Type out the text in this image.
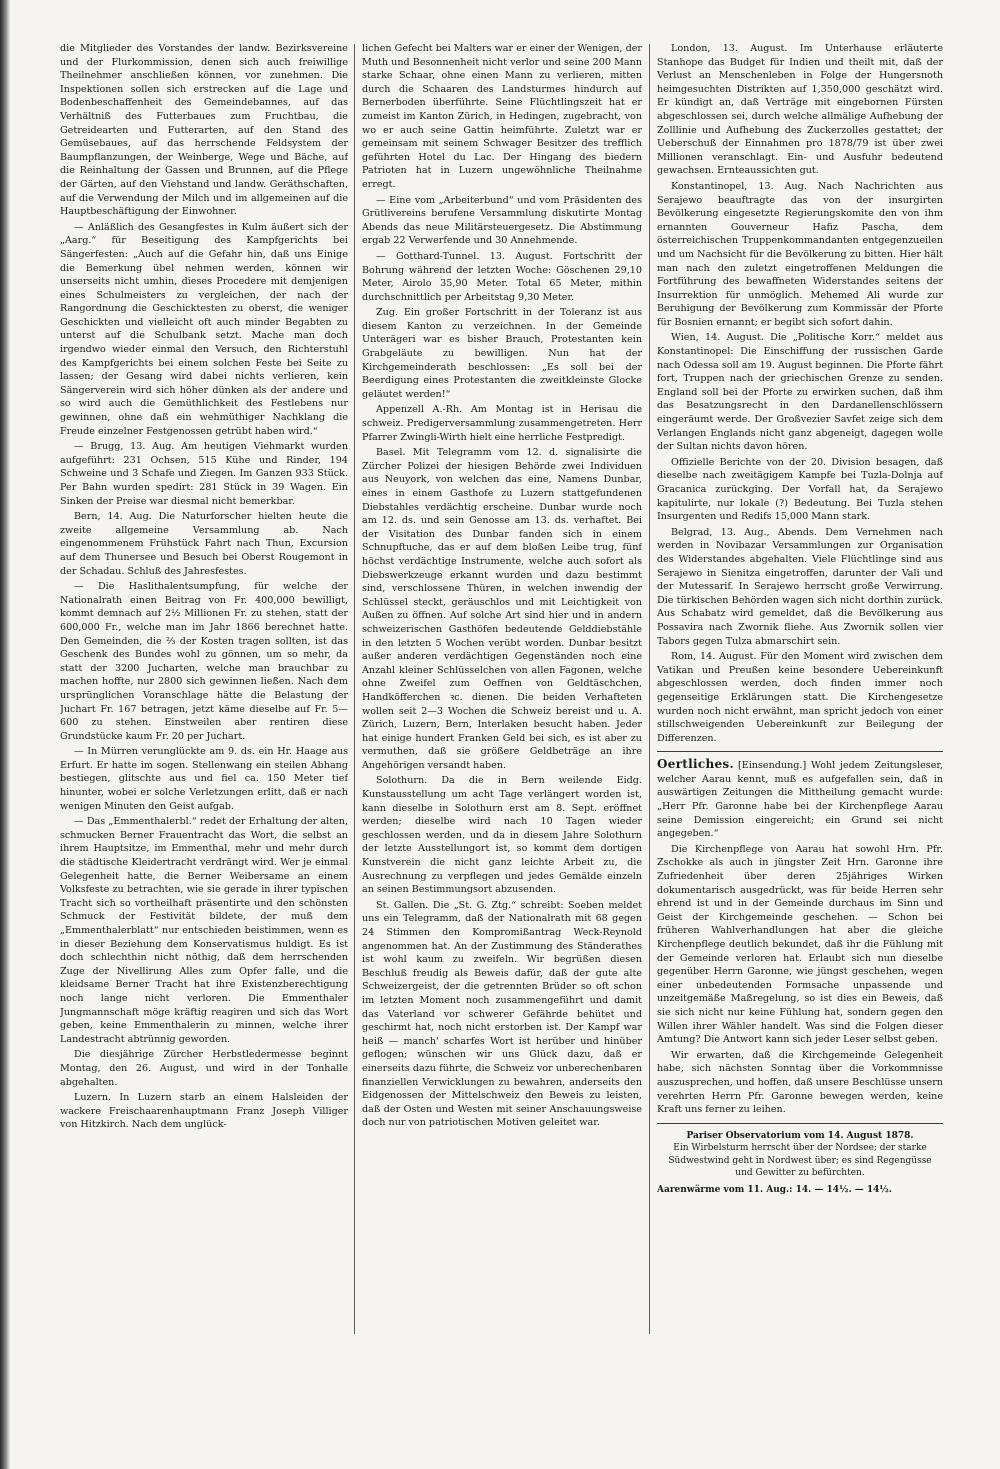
die Mitglieder des Vorstandes der landw. Bezirksvereine und der Flurkommission, denen sich auch freiwillige Theilnehmer anschließen können, vor zunehmen. Die Inspektionen sollen sich erstrecken auf die Lage und Bodenbeschaffenheit des Gemeindebannes, auf das Verhältniß des Futterbaues zum Fruchtbau, die Getreidearten und Futterarten, auf den Stand des Gemüsebaues, auf das herrschende Feldsystem der Baumpflanzungen, der Weinberge, Wege und Bäche, auf die Reinhaltung der Gassen und Brunnen, auf die Pflege der Gärten, auf den Viehstand und landw. Geräthschaften, auf die Verwendung der Milch und im allgemeinen auf die Hauptbeschäftigung der Einwohner.

— Anläßlich des Gesangfestes in Kulm äußert sich der „Aarg.“ für Beseitigung des Kampfgerichts bei Sängerfesten: „Auch auf die Gefahr hin, daß uns Einige die Bemerkung übel nehmen werden, können wir unserseits nicht umhin, dieses Procedere mit demjenigen eines Schulmeisters zu vergleichen, der nach der Rangordnung die Geschicktesten zu oberst, die weniger Geschickten und vielleicht oft auch minder Begabten zu unterst auf die Schulbank setzt. Mache man doch irgendwo wieder einmal den Versuch, den Richterstuhl des Kampfgerichts bei einem solchen Feste bei Seite zu lassen; der Gesang wird dabei nichts verlieren, kein Sängerverein wird sich höher dünken als der andere und so wird auch die Gemüthlichkeit des Festlebens nur gewinnen, ohne daß ein wehmüthiger Nachklang die Freude einzelner Festgenossen getrübt haben wird.“

— Brugg, 13. Aug. Am heutigen Viehmarkt wurden aufgeführt: 231 Ochsen, 515 Kühe und Rinder, 194 Schweine und 3 Schafe und Ziegen. Im Ganzen 933 Stück. Per Bahn wurden spedirt: 281 Stück in 39 Wagen. Ein Sinken der Preise war diesmal nicht bemerkbar.

Bern, 14. Aug. Die Naturforscher hielten heute die zweite allgemeine Versammlung ab. Nach eingenommenem Frühstück Fahrt nach Thun, Excursion auf dem Thunersee und Besuch bei Oberst Rougemont in der Schadau. Schluß des Jahresfestes.

— Die Haslithalentsumpfung, für welche der Nationalrath einen Beitrag von Fr. 400,000 bewilligt, kommt demnach auf 2½ Millionen Fr. zu stehen, statt der 600,000 Fr., welche man im Jahr 1866 berechnet hatte. Den Gemeinden, die ⅔ der Kosten tragen sollten, ist das Geschenk des Bundes wohl zu gönnen, um so mehr, da statt der 3200 Jucharten, welche man brauchbar zu machen hoffte, nur 2800 sich gewinnen ließen. Nach dem ursprünglichen Voranschlage hätte die Belastung der Juchart Fr. 167 betragen, jetzt käme dieselbe auf Fr. 5—600 zu stehen. Einstweilen aber rentiren diese Grundstücke kaum Fr. 20 per Juchart.

— In Mürren verunglückte am 9. ds. ein Hr. Haage aus Erfurt. Er hatte im sogen. Stellenwang ein steilen Abhang bestiegen, glitschte aus und fiel ca. 150 Meter tief hinunter, wobei er solche Verletzungen erlitt, daß er nach wenigen Minuten den Geist aufgab.

— Das „Emmenthalerbl.“ redet der Erhaltung der alten, schmucken Berner Frauentracht das Wort, die selbst an ihrem Hauptsitze, im Emmenthal, mehr und mehr durch die städtische Kleidertracht verdrängt wird. Wer je einmal Gelegenheit hatte, die Berner Weibersame an einem Volksfeste zu betrachten, wie sie gerade in ihrer typischen Tracht sich so vortheilhaft präsentirte und den schönsten Schmuck der Festivität bildete, der muß dem „Emmenthalerblatt“ nur entschieden beistimmen, wenn es in dieser Beziehung dem Konservatismus huldigt. Es ist doch schlechthin nicht nöthig, daß dem herrschenden Zuge der Nivellirung Alles zum Opfer falle, und die kleidsame Berner Tracht hat ihre Existenzberechtigung noch lange nicht verloren. Die Emmenthaler Jungmannschaft möge kräftig reagiren und sich das Wort geben, keine Emmenthalerin zu minnen, welche ihrer Landestracht abtrünnig geworden.

Die diesjährige Zürcher Herbstledermesse beginnt Montag, den 26. August, und wird in der Tonhalle abgehalten.

Luzern. In Luzern starb an einem Halsleiden der wackere Freischaarenhauptmann Franz Joseph Villiger von Hitzkirch. Nach dem unglück-

lichen Gefecht bei Malters war er einer der Wenigen, der Muth und Besonnenheit nicht verlor und seine 200 Mann starke Schaar, ohne einen Mann zu verlieren, mitten durch die Schaaren des Landsturmes hindurch auf Bernerboden überführte. Seine Flüchtlingszeit hat er zumeist im Kanton Zürich, in Hedingen, zugebracht, von wo er auch seine Gattin heimführte. Zuletzt war er gemeinsam mit seinem Schwager Besitzer des trefflich geführten Hotel du Lac. Der Hingang des biedern Patrioten hat in Luzern ungewöhnliche Theilnahme erregt.

— Eine vom „Arbeiterbund“ und vom Präsidenten des Grütlivereins berufene Versammlung diskutirte Montag Abends das neue Militärsteuergesetz. Die Abstimmung ergab 22 Verwerfende und 30 Annehmende.

— Gotthard-Tunnel. 13. August. Fortschritt der Bohrung während der letzten Woche: Göschenen 29,10 Meter, Airolo 35,90 Meter. Total 65 Meter, mithin durchschnittlich per Arbeitstag 9,30 Meter.

Zug. Ein großer Fortschritt in der Toleranz ist aus diesem Kanton zu verzeichnen. In der Gemeinde Unterägeri war es bisher Brauch, Protestanten kein Grabgeläute zu bewilligen. Nun hat der Kirchgemeinderath beschlossen: „Es soll bei der Beerdigung eines Protestanten die zweitkleinste Glocke geläutet werden!“

Appenzell A.-Rh. Am Montag ist in Herisau die schweiz. Predigerversammlung zusammengetreten. Herr Pfarrer Zwingli-Wirth hielt eine herrliche Festpredigt.

Basel. Mit Telegramm vom 12. d. signalisirte die Zürcher Polizei der hiesigen Behörde zwei Individuen aus Neuyork, von welchen das eine, Namens Dunbar, eines in einem Gasthofe zu Luzern stattgefundenen Diebstahles verdächtig erscheine. Dunbar wurde noch am 12. ds. und sein Genosse am 13. ds. verhaftet. Bei der Visitation des Dunbar fanden sich in einem Schnupftuche, das er auf dem bloßen Leibe trug, fünf höchst verdächtige Instrumente, welche auch sofort als Diebswerkzeuge erkannt wurden und dazu bestimmt sind, verschlossene Thüren, in welchen inwendig der Schlüssel steckt, geräuschlos und mit Leichtigkeit von Außen zu öffnen. Auf solche Art sind hier und in andern schweizerischen Gasthöfen bedeutende Gelddiebstähle in den letzten 5 Wochen verübt worden. Dunbar besitzt außer anderen verdächtigen Gegenständen noch eine Anzahl kleiner Schlüsselchen von allen Fagonen, welche ohne Zweifel zum Oeffnen von Geldtäschchen, Handköfferchen ꝛc. dienen. Die beiden Verhafteten wollen seit 2—3 Wochen die Schweiz bereist und u. A. Zürich, Luzern, Bern, Interlaken besucht haben. Jeder hat einige hundert Franken Geld bei sich, es ist aber zu vermuthen, daß sie größere Geldbeträge an ihre Angehörigen versandt haben.

Solothurn. Da die in Bern weilende Eidg. Kunstausstellung um acht Tage verlängert worden ist, kann dieselbe in Solothurn erst am 8. Sept. eröffnet werden; dieselbe wird nach 10 Tagen wieder geschlossen werden, und da in diesem Jahre Solothurn der letzte Ausstellungort ist, so kommt dem dortigen Kunstverein die nicht ganz leichte Arbeit zu, die Ausrechnung zu verpflegen und jedes Gemälde einzeln an seinen Bestimmungsort abzusenden.

St. Gallen. Die „St. G. Ztg.“ schreibt: Soeben meldet uns ein Telegramm, daß der Nationalrath mit 68 gegen 24 Stimmen den Kompromißantrag Weck-Reynold angenommen hat. An der Zustimmung des Ständerathes ist wohl kaum zu zweifeln. Wir begrüßen diesen Beschluß freudig als Beweis dafür, daß der gute alte Schweizergeist, der die getrennten Brüder so oft schon im letzten Moment noch zusammengeführt und damit das Vaterland vor schwerer Gefährde behütet und geschirmt hat, noch nicht erstorben ist. Der Kampf war heiß — manch' scharfes Wort ist herüber und hinüber geflogen; wünschen wir uns Glück dazu, daß er einerseits dazu führte, die Schweiz vor unberechenbaren finanziellen Verwicklungen zu bewahren, anderseits den Eidgenossen der Mittelschweiz den Beweis zu leisten, daß der Osten und Westen mit seiner Anschauungsweise doch nur von patriotischen Motiven geleitet war.

London, 13. August. Im Unterhause erläuterte Stanhope das Budget für Indien und theilt mit, daß der Verlust an Menschenleben in Folge der Hungersnoth heimgesuchten Distrikten auf 1,350,000 geschätzt wird. Er kündigt an, daß Verträge mit eingebornen Fürsten abgeschlossen sei, durch welche allmälige Aufhebung der Zolllinie und Aufhebung des Zuckerzolles gestattet; der Ueberschuß der Einnahmen pro 1878/79 ist über zwei Millionen veranschlagt. Ein- und Ausfuhr bedeutend gewachsen. Ernteaussichten gut.

Konstantinopel, 13. Aug. Nach Nachrichten aus Serajewo beauftragte das von der insurgirten Bevölkerung eingesetzte Regierungskomite den von ihm ernannten Gouverneur Hafiz Pascha, dem österreichischen Truppenkommandanten entgegenzueilen und um Nachsicht für die Bevölkerung zu bitten. Hier hält man nach den zuletzt eingetroffenen Meldungen die Fortführung des bewaffneten Widerstandes seitens der Insurrektion für unmöglich. Mehemed Ali wurde zur Beruhigung der Bevölkerung zum Kommissär der Pforte für Bosnien ernannt; er begibt sich sofort dahin.

Wien, 14. August. Die „Politische Korr.“ meldet aus Konstantinopel: Die Einschiffung der russischen Garde nach Odessa soll am 19. August beginnen. Die Pforte fährt fort, Truppen nach der griechischen Grenze zu senden. England soll bei der Pforte zu erwirken suchen, daß ihm das Besatzungsrecht in den Dardanellenschlössern eingeräumt werde. Der Großvezier Savfet zeige sich dem Verlangen Englands nicht ganz abgeneigt, dagegen wolle der Sultan nichts davon hören.

Offizielle Berichte von der 20. Division besagen, daß dieselbe nach zweitägigem Kampfe bei Tuzla-Dolnja auf Gracanica zurückging. Der Vorfall hat, da Serajewo kapitulirte, nur lokale (?) Bedeutung. Bei Tuzla stehen Insurgenten und Redifs 15,000 Mann stark.

Belgrad, 13. Aug., Abends. Dem Vernehmen nach werden in Novibazar Versammlungen zur Organisation des Widerstandes abgehalten. Viele Flüchtlinge sind aus Serajewo in Sienitza eingetroffen, darunter der Vali und der Mutessarif. In Serajewo herrscht große Verwirrung. Die türkischen Behörden wagen sich nicht dorthin zurück. Aus Schabatz wird gemeldet, daß die Bevölkerung aus Possavira nach Zwornik fliehe. Aus Zwornik sollen vier Tabors gegen Tulza abmarschirt sein.

Rom, 14. August. Für den Moment wird zwischen dem Vatikan und Preußen keine besondere Uebereinkunft abgeschlossen werden, doch finden immer noch gegenseitige Erklärungen statt. Die Kirchengesetze wurden noch nicht erwähnt, man spricht jedoch von einer stillschweigenden Uebereinkunft zur Beilegung der Differenzen.

Oertliches. [Einsendung.] Wohl jedem Zeitungsleser, welcher Aarau kennt, muß es aufgefallen sein, daß in auswärtigen Zeitungen die Mittheilung gemacht wurde: „Herr Pfr. Garonne habe bei der Kirchenpflege Aarau seine Demission eingereicht; ein Grund sei nicht angegeben.“

Die Kirchenpflege von Aarau hat sowohl Hrn. Pfr. Zschokke als auch in jüngster Zeit Hrn. Garonne ihre Zufriedenheit über deren 25jähriges Wirken dokumentarisch ausgedrückt, was für beide Herren sehr ehrend ist und in der Gemeinde durchaus im Sinn und Geist der Kirchgemeinde geschehen. — Schon bei früheren Wahlverhandlungen hat aber die gleiche Kirchenpflege deutlich bekundet, daß ihr die Fühlung mit der Gemeinde verloren hat. Erlaubt sich nun dieselbe gegenüber Herrn Garonne, wie jüngst geschehen, wegen einer unbedeutenden Formsache unpassende und unzeitgemäße Maßregelung, so ist dies ein Beweis, daß sie sich nicht nur keine Fühlung hat, sondern gegen den Willen ihrer Wähler handelt. Was sind die Folgen dieser Amtung? Die Antwort kann sich jeder Leser selbst geben.

Wir erwarten, daß die Kirchgemeinde Gelegenheit habe, sich nächsten Sonntag über die Vorkommnisse auszusprechen, und hoffen, daß unsere Beschlüsse unsern verehrten Herrn Pfr. Garonne bewegen werden, keine Kraft uns ferner zu leihen.

Pariser Observatorium vom 14. August 1878.
Ein Wirbelsturm herrscht über der Nordsee; der starke
Südwestwind geht in Nordwest über; es sind Regengüsse
und Gewitter zu befürchten.
Aarenwärme vom 11. Aug.: 14. — 14½. — 14½.
